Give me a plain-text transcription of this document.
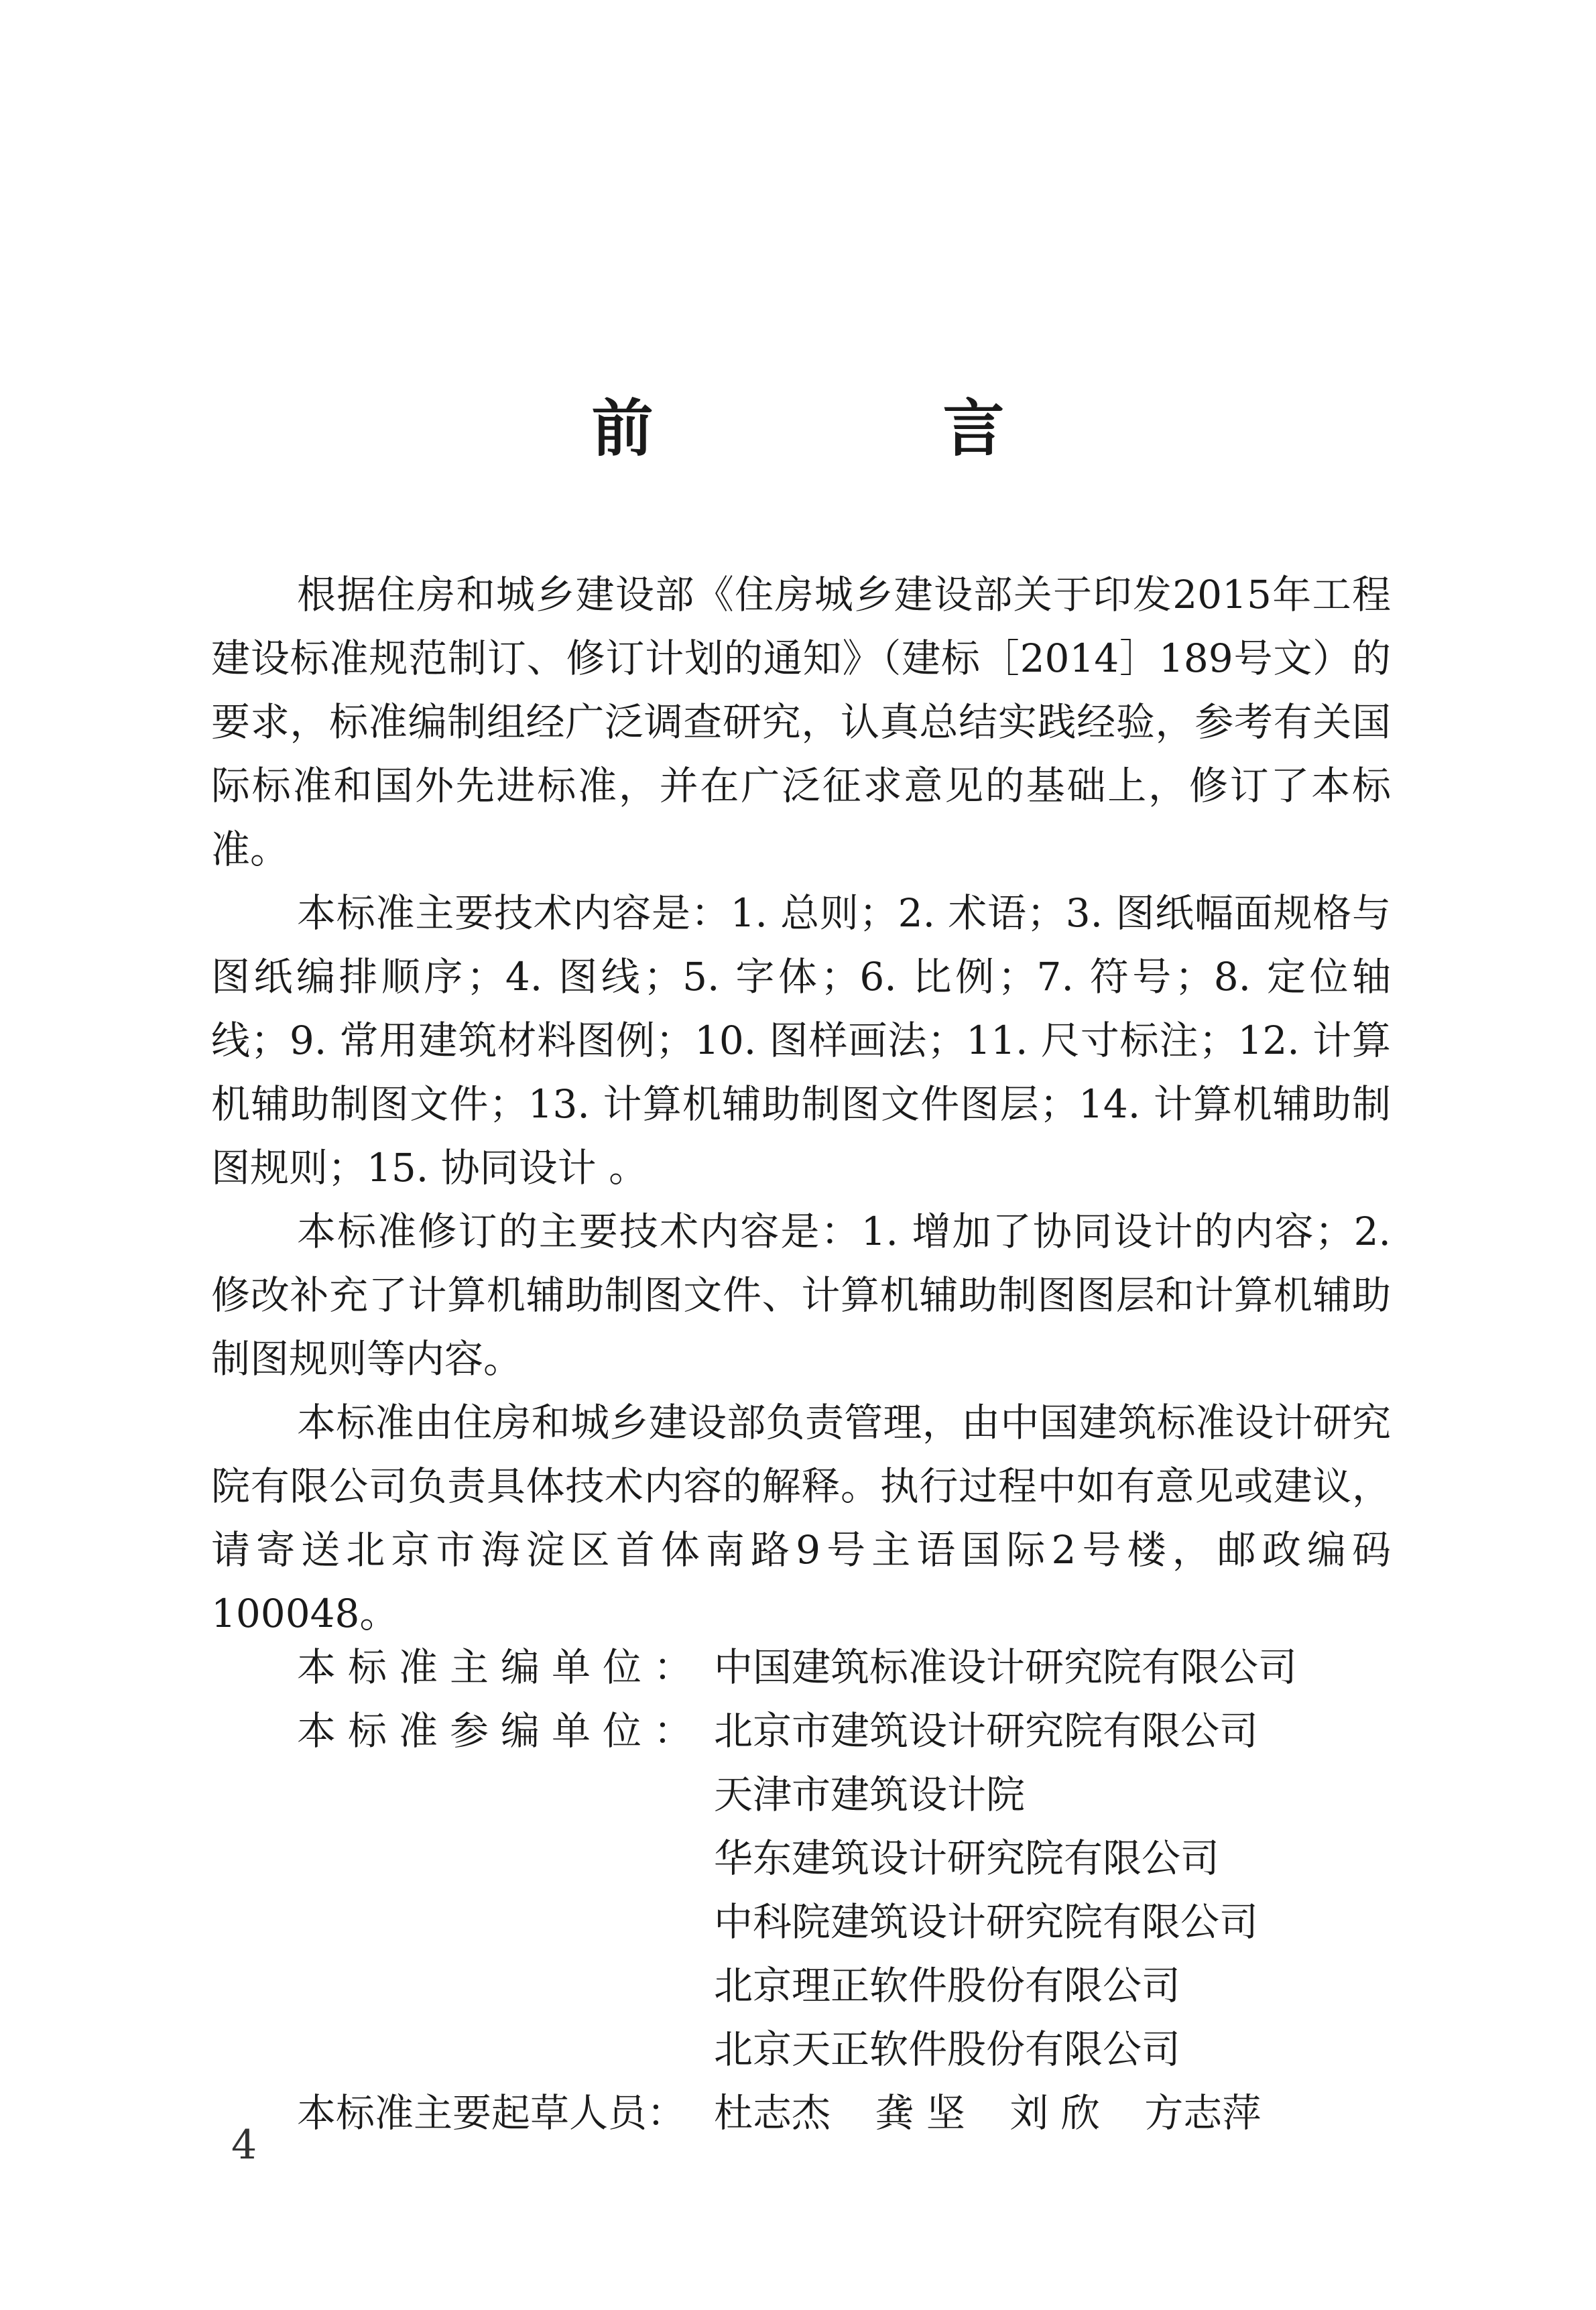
前 言

根据住房和城乡建设部《住房城乡建设部关于印发2015年工程建设标准规范制订、修订计划的通知》（建标［2014］189号文）的要求，标准编制组经广泛调查研究，认真总结实践经验，参考有关国际标准和国外先进标准，并在广泛征求意见的基础上，修订了本标准。

本标准主要技术内容是：1. 总则；2. 术语；3. 图纸幅面规格与图纸编排顺序；4. 图线；5. 字体；6. 比例；7. 符号；8. 定位轴线；9. 常用建筑材料图例；10. 图样画法；11. 尺寸标注；12. 计算机辅助制图文件；13. 计算机辅助制图文件图层；14. 计算机辅助制图规则；15. 协同设计 。

本标准修订的主要技术内容是：1. 增加了协同设计的内容；2. 修改补充了计算机辅助制图文件、计算机辅助制图图层和计算机辅助制图规则等内容。

本标准由住房和城乡建设部负责管理，由中国建筑标准设计研究院有限公司负责具体技术内容的解释。执行过程中如有意见或建议，请寄送北京市海淀区首体南路9号主语国际2号楼，邮政编码100048。

本标准主编单位： 中国建筑标准设计研究院有限公司
本标准参编单位： 北京市建筑设计研究院有限公司
天津市建筑设计院
华东建筑设计研究院有限公司
中科院建筑设计研究院有限公司
北京理正软件股份有限公司
北京天正软件股份有限公司
本标准主要起草人员： 杜志杰 龚 坚 刘 欣 方志萍
4
